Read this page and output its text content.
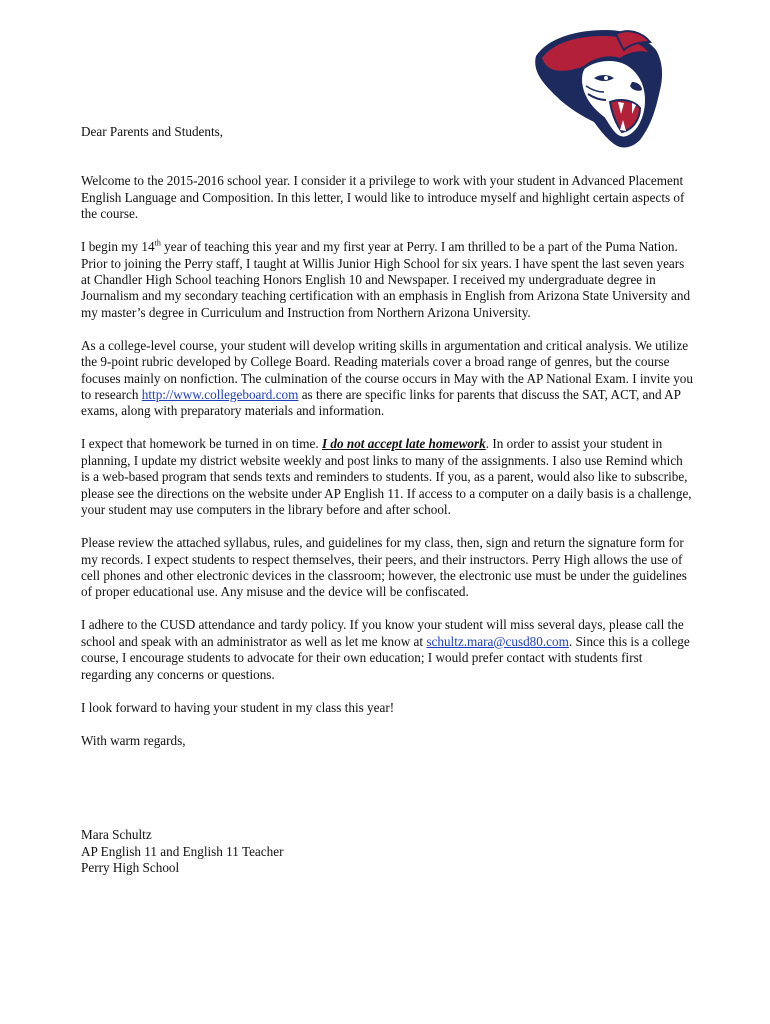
Dear Parents and Students,

Welcome to the 2015-2016 school year. I consider it a privilege to work with your student in Advanced Placement English Language and Composition. In this letter, I would like to introduce myself and highlight certain aspects of the course.

I begin my 14th year of teaching this year and my first year at Perry. I am thrilled to be a part of the Puma Nation. Prior to joining the Perry staff, I taught at Willis Junior High School for six years. I have spent the last seven years at Chandler High School teaching Honors English 10 and Newspaper. I received my undergraduate degree in Journalism and my secondary teaching certification with an emphasis in English from Arizona State University and my master’s degree in Curriculum and Instruction from Northern Arizona University.

As a college-level course, your student will develop writing skills in argumentation and critical analysis. We utilize the 9-point rubric developed by College Board. Reading materials cover a broad range of genres, but the course focuses mainly on nonfiction. The culmination of the course occurs in May with the AP National Exam. I invite you to research http://www.collegeboard.com as there are specific links for parents that discuss the SAT, ACT, and AP exams, along with preparatory materials and information.

I expect that homework be turned in on time. I do not accept late homework. In order to assist your student in planning, I update my district website weekly and post links to many of the assignments. I also use Remind which is a web-based program that sends texts and reminders to students. If you, as a parent, would also like to subscribe, please see the directions on the website under AP English 11. If access to a computer on a daily basis is a challenge, your student may use computers in the library before and after school.

Please review the attached syllabus, rules, and guidelines for my class, then, sign and return the signature form for my records. I expect students to respect themselves, their peers, and their instructors. Perry High allows the use of cell phones and other electronic devices in the classroom; however, the electronic use must be under the guidelines of proper educational use. Any misuse and the device will be confiscated.

I adhere to the CUSD attendance and tardy policy. If you know your student will miss several days, please call the school and speak with an administrator as well as let me know at schultz.mara@cusd80.com. Since this is a college course, I encourage students to advocate for their own education; I would prefer contact with students first regarding any concerns or questions.

I look forward to having your student in my class this year!

With warm regards,

Mara Schultz
AP English 11 and English 11 Teacher
Perry High School
